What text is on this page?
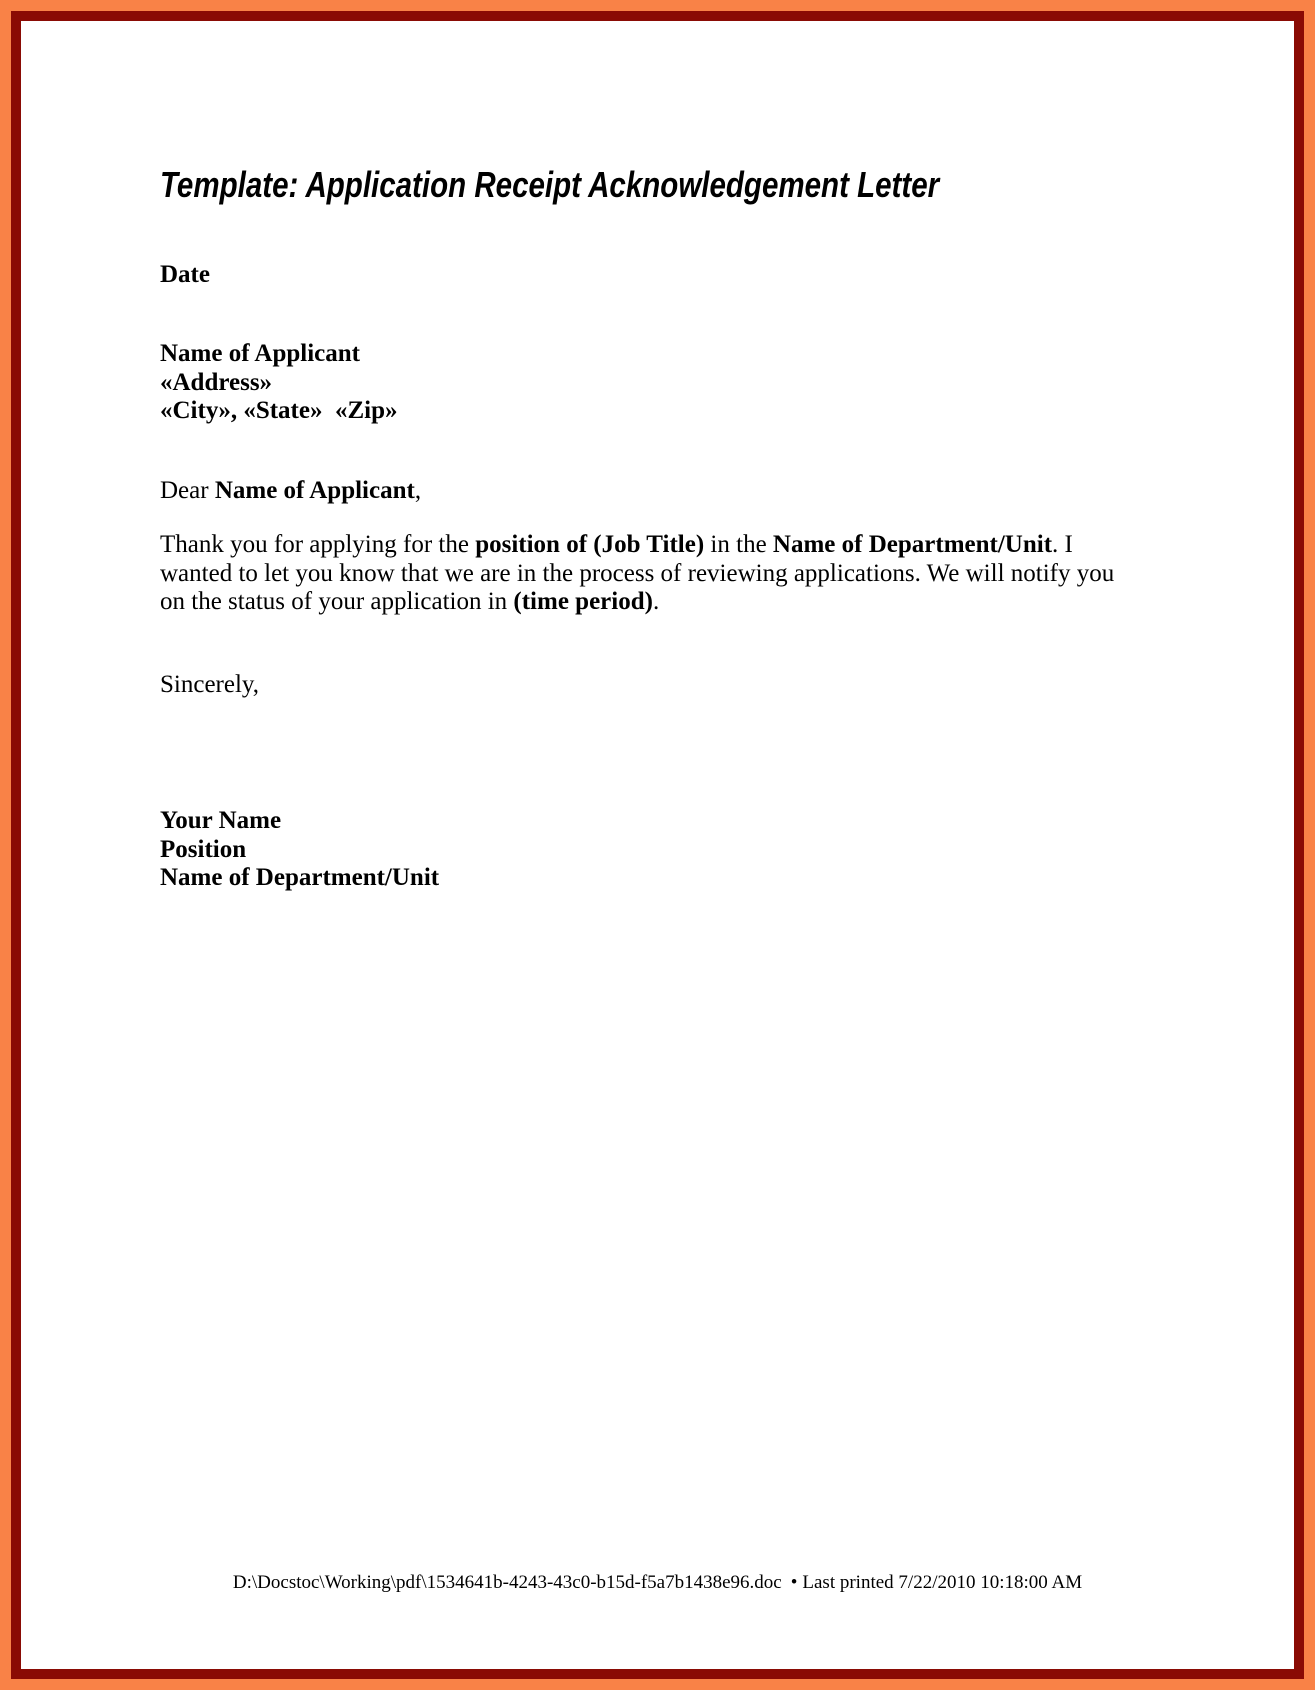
Template: Application Receipt Acknowledgement Letter
Date
Name of Applicant
«Address»
«City», «State»  «Zip»
Dear Name of Applicant,
Thank you for applying for the position of (Job Title) in the Name of Department/Unit. I
wanted to let you know that we are in the process of reviewing applications. We will notify you
on the status of your application in (time period).
Sincerely,
Your Name
Position
Name of Department/Unit
D:\Docstoc\Working\pdf\1534641b-4243-43c0-b15d-f5a7b1438e96.doc • Last printed 7/22/2010 10:18:00 AM
